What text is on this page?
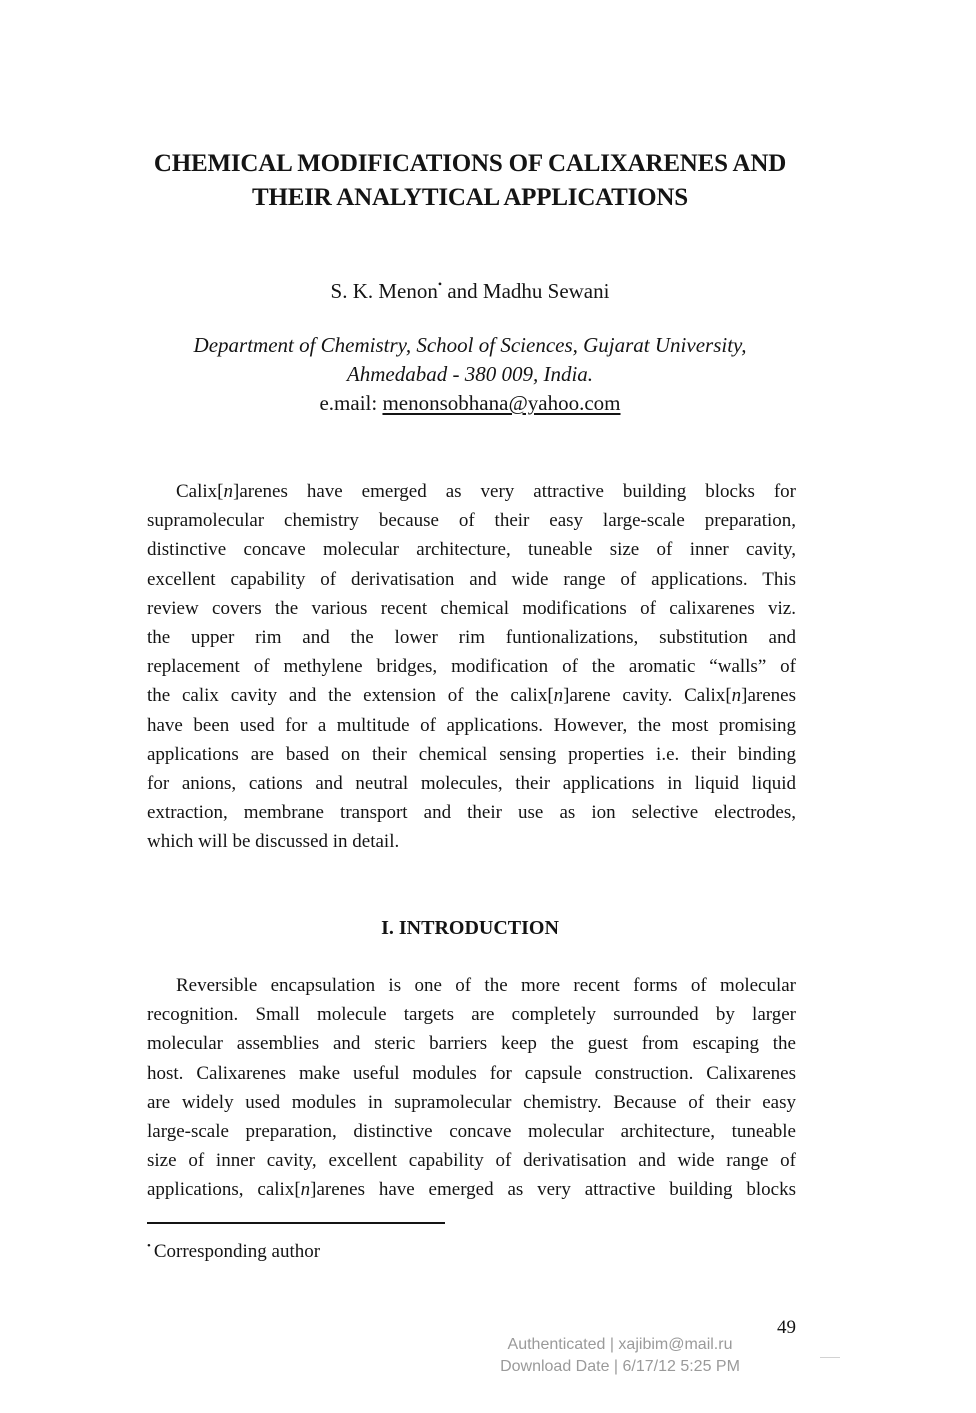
CHEMICAL MODIFICATIONS OF CALIXARENES AND
THEIR ANALYTICAL APPLICATIONS
S. K. Menon• and Madhu Sewani
Department of Chemistry, School of Sciences, Gujarat University,
Ahmedabad - 380 009, India.
e.mail: menonsobhana@yahoo.com
Calix[n]arenes have emerged as very attractive building blocks for
supramolecular chemistry because of their easy large-scale preparation,
distinctive concave molecular architecture, tuneable size of inner cavity,
excellent capability of derivatisation and wide range of applications. This
review covers the various recent chemical modifications of calixarenes viz.
the upper rim and the lower rim funtionalizations, substitution and
replacement of methylene bridges, modification of the aromatic “walls” of
the calix cavity and the extension of the calix[n]arene cavity. Calix[n]arenes
have been used for a multitude of applications. However, the most promising
applications are based on their chemical sensing properties i.e. their binding
for anions, cations and neutral molecules, their applications in liquid liquid
extraction, membrane transport and their use as ion selective electrodes,
which will be discussed in detail.
I. INTRODUCTION
Reversible encapsulation is one of the more recent forms of molecular
recognition. Small molecule targets are completely surrounded by larger
molecular assemblies and steric barriers keep the guest from escaping the
host. Calixarenes make useful modules for capsule construction. Calixarenes
are widely used modules in supramolecular chemistry. Because of their easy
large-scale preparation, distinctive concave molecular architecture, tuneable
size of inner cavity, excellent capability of derivatisation and wide range of
applications, calix[n]arenes have emerged as very attractive building blocks
• Corresponding author
49
Authenticated | xajibim@mail.ru
Download Date | 6/17/12 5:25 PM
